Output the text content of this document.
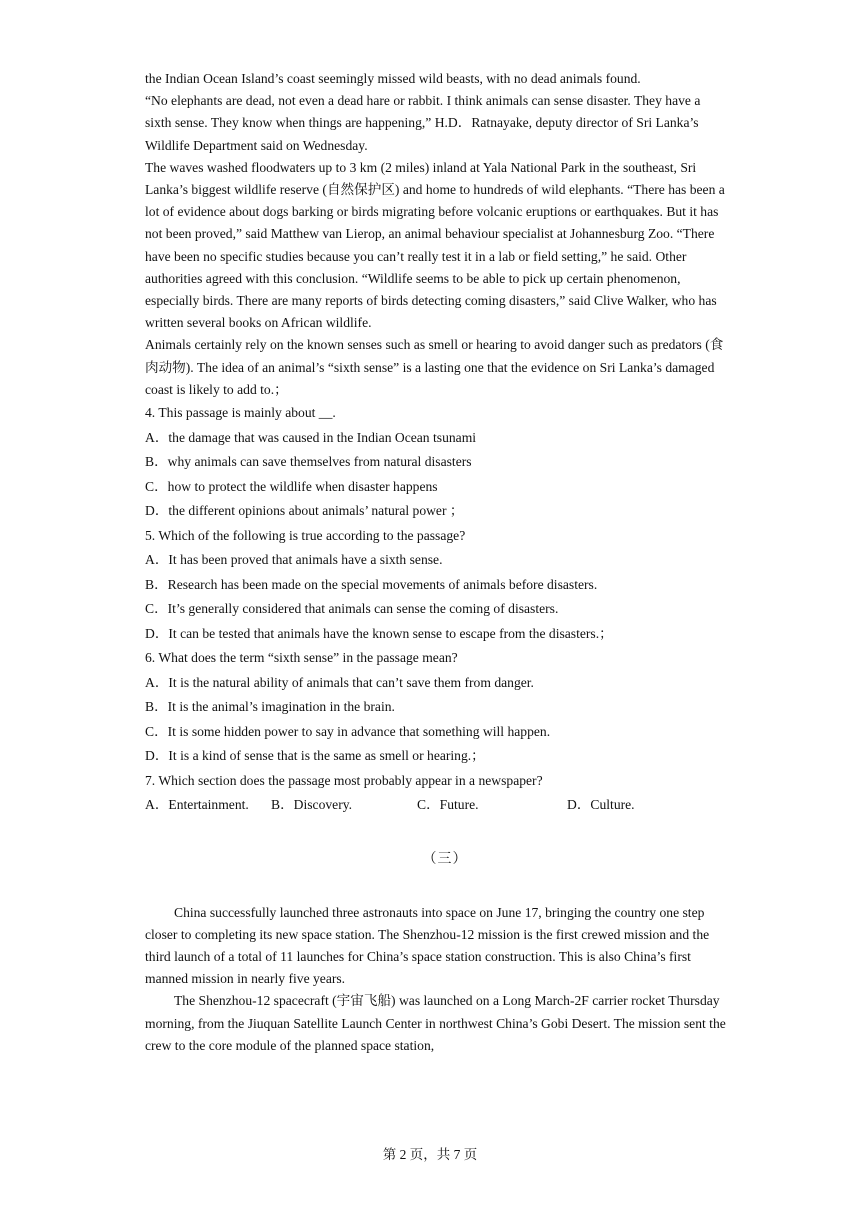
the Indian Ocean Island’s coast seemingly missed wild beasts, with no dead animals found.

“No elephants are dead, not even a dead hare or rabbit. I think animals can sense disaster. They have a sixth sense. They know when things are happening,” H.D．Ratnayake, deputy director of Sri Lanka’s Wildlife Department said on Wednesday.

The waves washed floodwaters up to 3 km (2 miles) inland at Yala National Park in the southeast, Sri Lanka’s biggest wildlife reserve (自然保护区) and home to hundreds of wild elephants. “There has been a lot of evidence about dogs barking or birds migrating before volcanic eruptions or earthquakes. But it has not been proved,” said Matthew van Lierop, an animal behaviour specialist at Johannesburg Zoo. “There have been no specific studies because you can’t really test it in a lab or field setting,” he said. Other authorities agreed with this conclusion. “Wildlife seems to be able to pick up certain phenomenon, especially birds. There are many reports of birds detecting coming disasters,” said Clive Walker, who has written several books on African wildlife.

Animals certainly rely on the known senses such as smell or hearing to avoid danger such as predators (食肉动物). The idea of an animal’s “sixth sense” is a lasting one that the evidence on Sri Lanka’s damaged coast is likely to add to.；

4. This passage is mainly about __.

A．the damage that was caused in the Indian Ocean tsunami

B．why animals can save themselves from natural disasters

C．how to protect the wildlife when disaster happens

D．the different opinions about animals’ natural power ；

5. Which of the following is true according to the passage?

A．It has been proved that animals have a sixth sense.

B．Research has been made on the special movements of animals before disasters.

C．It’s generally considered that animals can sense the coming of disasters.

D．It can be tested that animals have the known sense to escape from the disasters.；

6. What does the term “sixth sense” in the passage mean?

A．It is the natural ability of animals that can’t save them from danger.

B．It is the animal’s imagination in the brain.

C．It is some hidden power to say in advance that something will happen.

D．It is a kind of sense that is the same as smell or hearing.；

7. Which section does the passage most probably appear in a newspaper?

A．Entertainment.	B．Discovery.	C．Future.	D．Culture.
（三）

China successfully launched three astronauts into space on June 17, bringing the country one step closer to completing its new space station. The Shenzhou-12 mission is the first crewed mission and the third launch of a total of 11 launches for China’s space station construction. This is also China’s first manned mission in nearly five years.

The Shenzhou-12 spacecraft (宇宙飞船) was launched on a Long March-2F carrier rocket Thursday morning, from the Jiuquan Satellite Launch Center in northwest China’s Gobi Desert. The mission sent the crew to the core module of the planned space station,

第 2 页，共 7 页
